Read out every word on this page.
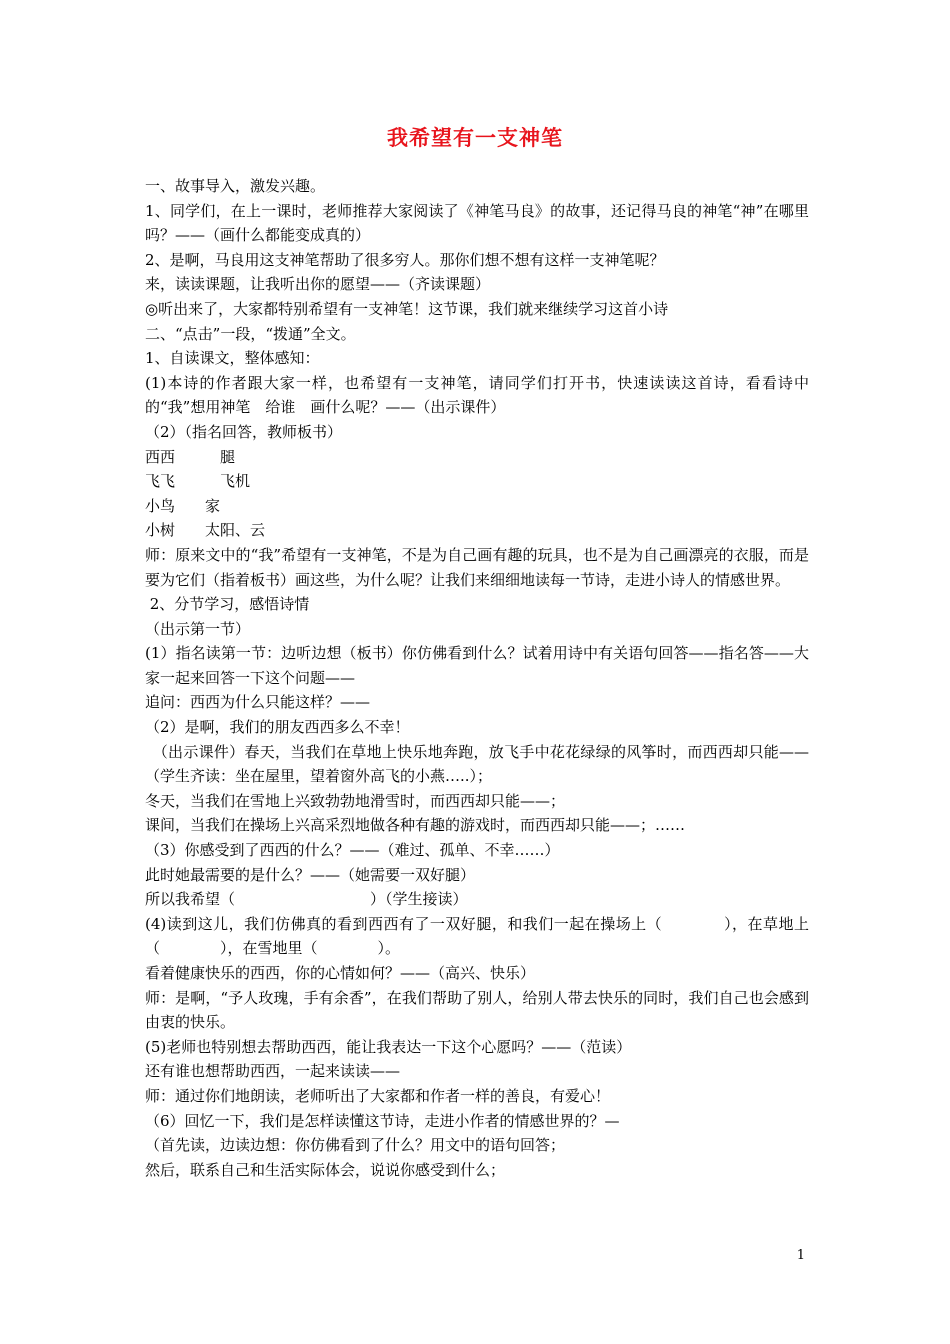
我希望有一支神笔
一、故事导入，激发兴趣。
1、同学们，在上一课时，老师推荐大家阅读了《神笔马良》的故事，还记得马良的神笔“神”在哪里吗？——（画什么都能变成真的）
2、是啊，马良用这支神笔帮助了很多穷人。那你们想不想有这样一支神笔呢？
来，读读课题，让我听出你的愿望——（齐读课题）
◎听出来了，大家都特别希望有一支神笔！这节课，我们就来继续学习这首小诗
二、“点击”一段，“拨通”全文。
1、自读课文，整体感知：
(1)本诗的作者跟大家一样，也希望有一支神笔，请同学们打开书，快速读读这首诗，看看诗中的“我”想用神笔　给谁　画什么呢？——（出示课件）
（2）（指名回答，教师板书）
西西　　　腿
飞飞　　　飞机
小鸟　　家
小树　　太阳、云
师：原来文中的“我”希望有一支神笔，不是为自己画有趣的玩具，也不是为自己画漂亮的衣服，而是要为它们（指着板书）画这些，为什么呢？让我们来细细地读每一节诗，走进小诗人的情感世界。
2、分节学习，感悟诗情
（出示第一节）
(1）指名读第一节：边听边想（板书）你仿佛看到什么？试着用诗中有关语句回答——指名答——大家一起来回答一下这个问题——
追问：西西为什么只能这样？——
（2）是啊，我们的朋友西西多么不幸！
　（出示课件）春天，当我们在草地上快乐地奔跑，放飞手中花花绿绿的风筝时，而西西却只能——（学生齐读：坐在屋里，望着窗外高飞的小燕…..）；
冬天，当我们在雪地上兴致勃勃地滑雪时，而西西却只能——；
课间，当我们在操场上兴高采烈地做各种有趣的游戏时，而西西却只能——；……
（3）你感受到了西西的什么？——（难过、孤单、不幸……）
此时她最需要的是什么？——（她需要一双好腿）
所以我希望（　　　　　　　　　）（学生接读）
(4)读到这儿，我们仿佛真的看到西西有了一双好腿，和我们一起在操场上（　　　　），在草地上（　　　　），在雪地里（　　　　）。
看着健康快乐的西西，你的心情如何？——（高兴、快乐）
师：是啊，“予人玫瑰，手有余香”，在我们帮助了别人，给别人带去快乐的同时，我们自己也会感到由衷的快乐。
(5)老师也特别想去帮助西西，能让我表达一下这个心愿吗？——（范读）
还有谁也想帮助西西，一起来读读——
师：通过你们地朗读，老师听出了大家都和作者一样的善良，有爱心！
（6）回忆一下，我们是怎样读懂这节诗，走进小作者的情感世界的？—
（首先读，边读边想：你仿佛看到了什么？用文中的语句回答；
然后，联系自己和生活实际体会，说说你感受到什么；
1
